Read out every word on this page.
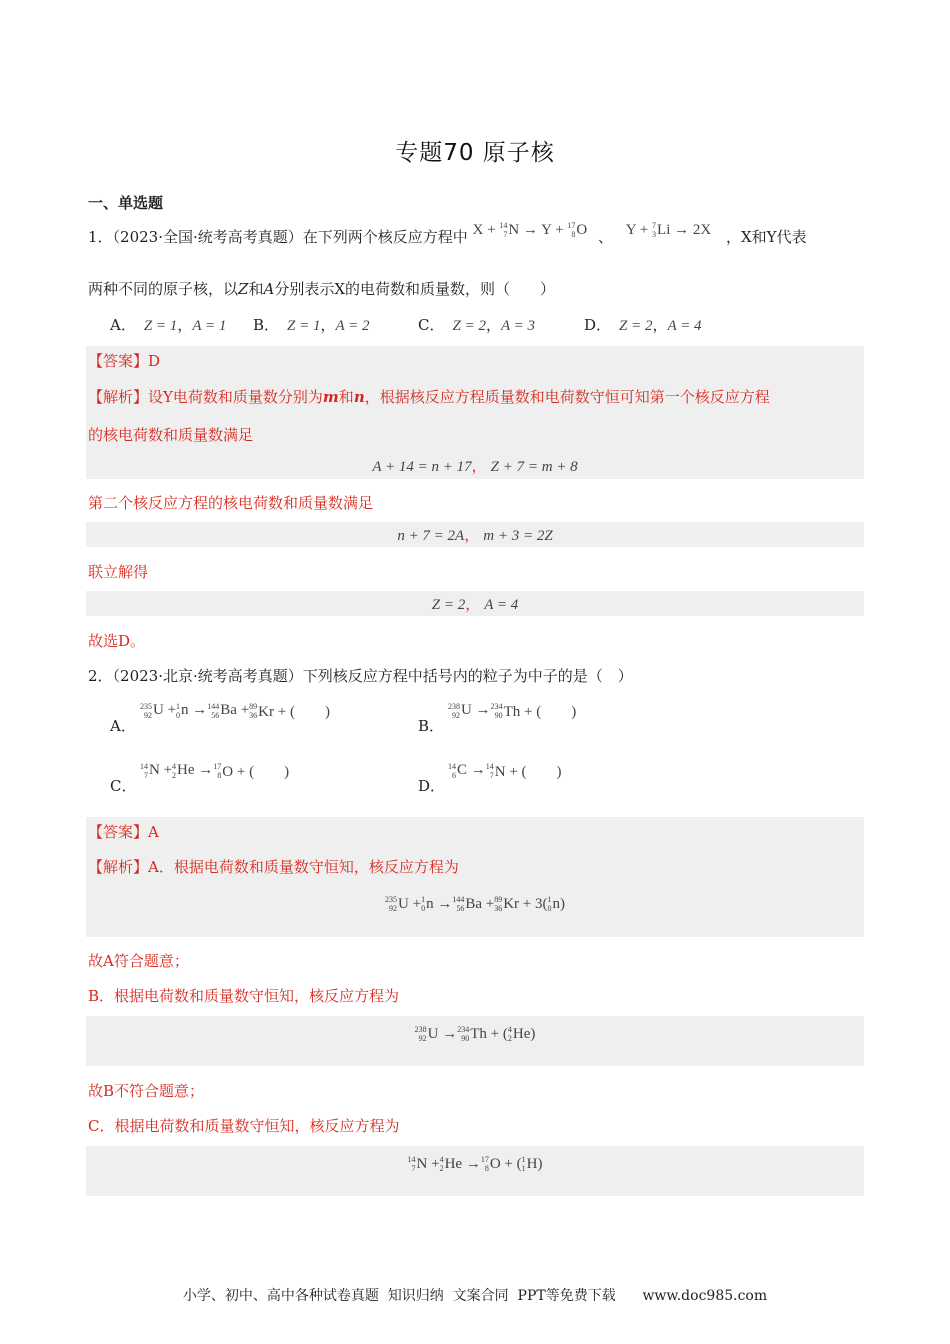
专题70 原子核
一、单选题
1．（2023·全国·统考高考真题）在下列两个核反应方程中 X +
14
7 N → Y +
17
8 O 、 Y +
7
3 Li → 2X ，X和Y代表
两种不同的原子核，以Z和A分别表示X的电荷数和质量数，则（　　）
A． Z = 1，A = 1 B． Z = 1，A = 2	C． Z = 2，A = 3	D． Z = 2，A = 4
【答案】D
【解析】设Y电荷数和质量数分别为m和n，根据核反应方程质量数和电荷数守恒可知第一个核反应方程
的核电荷数和质量数满足
A + 14 = n + 17， Z + 7 = m + 8
第二个核反应方程的核电荷数和质量数满足
n + 7 = 2A， m + 3 = 2Z
联立解得
Z = 2， A = 4
故选D。
2．（2023·北京·统考高考真题）下列核反应方程中括号内的粒子为中子的是（　）
A．
235
92 U + 1
0 n → 144
56 Ba + 89
36 Kr + (　　)
B．
238
92 U → 234
90 Th + (　　)
C．
14
7 N + 4
2 He → 17
8 O + (　　)
D．
14
6 C → 14
7 N + (　　)
【答案】A
【解析】A．根据电荷数和质量数守恒知，核反应方程为
235
92 U + 1
0 n → 144
56 Ba + 89
36 Kr + 3( 1
0 n)
故A符合题意；
B．根据电荷数和质量数守恒知，核反应方程为
238
92 U → 234
90 Th + ( 4
2 He)
故B不符合题意；
C．根据电荷数和质量数守恒知，核反应方程为
14
7 N + 4
2 He → 17
8 O + ( 1
1 H)
小学、初中、高中各种试卷真题  知识归纳  文案合同  PPT等免费下载      www.doc985.com
